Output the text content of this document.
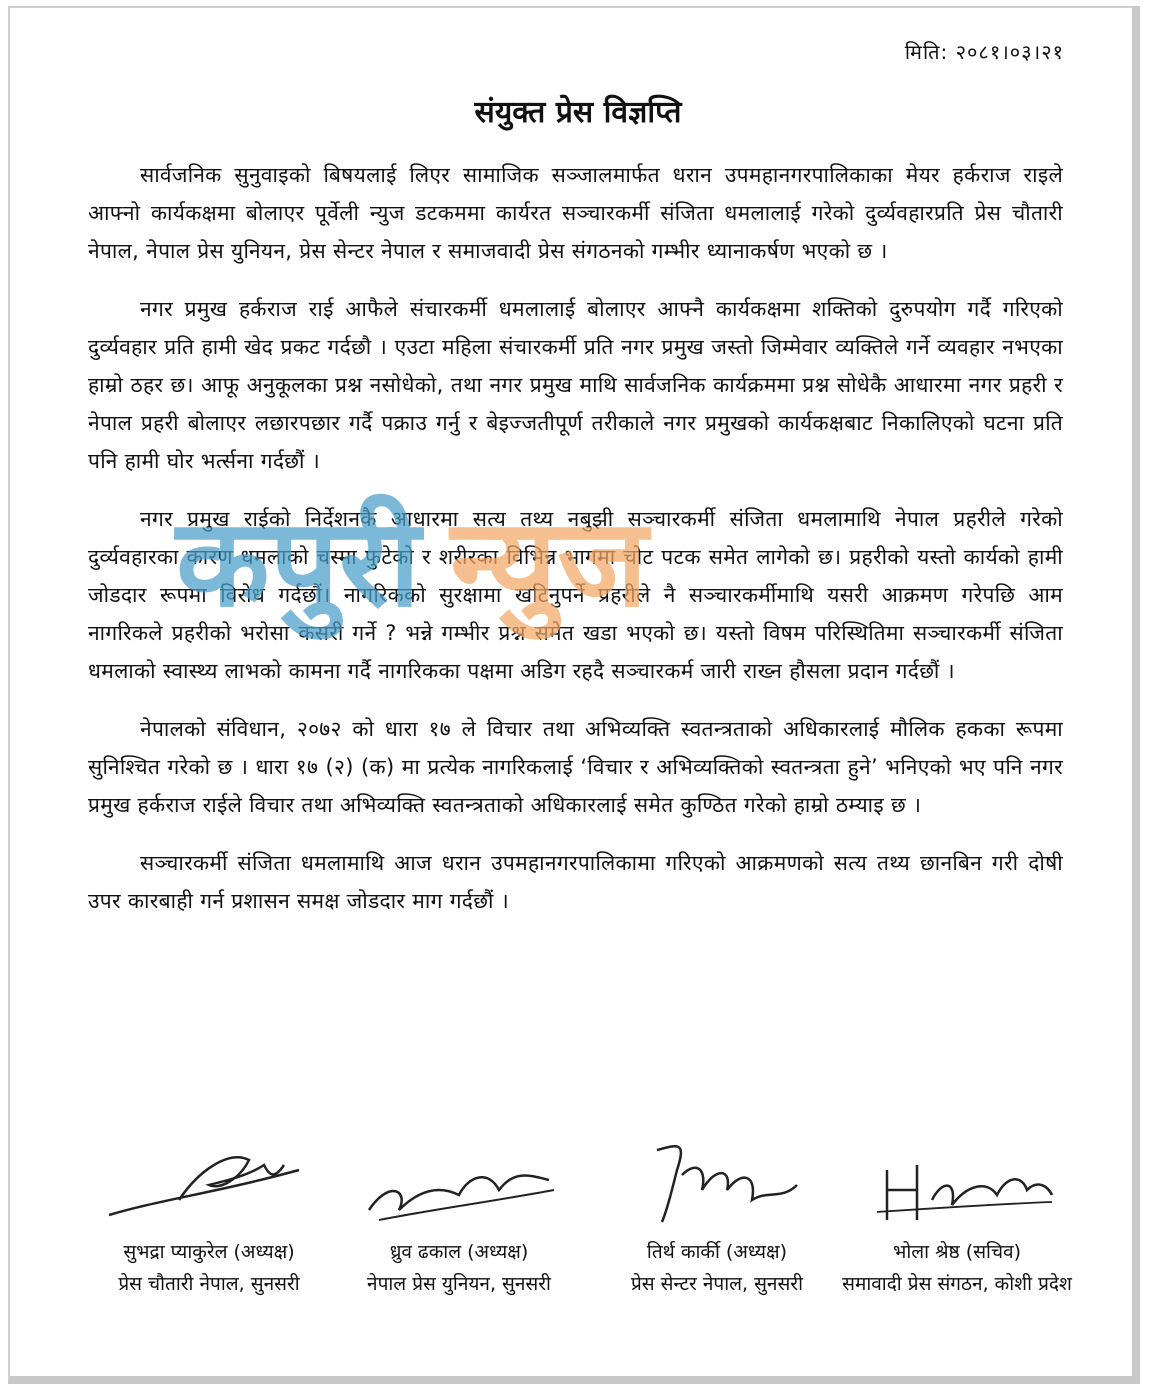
मिति: २०८१।०३।२१
संयुक्त प्रेस विज्ञप्ति

सार्वजनिक सुनुवाइको बिषयलाई लिएर सामाजिक सञ्जालमार्फत धरान उपमहानगरपालिकाका मेयर हर्कराज राइले आफ्नो कार्यकक्षमा बोलाएर पूर्वेली न्युज डटकममा कार्यरत सञ्चारकर्मी संजिता धमलालाई गरेको दुर्व्यवहारप्रति प्रेस चौतारी नेपाल, नेपाल प्रेस युनियन, प्रेस सेन्टर नेपाल र समाजवादी प्रेस संगठनको गम्भीर ध्यानाकर्षण भएको छ ।

नगर प्रमुख हर्कराज राई आफैले संचारकर्मी धमलालाई बोलाएर आफ्नै कार्यकक्षमा शक्तिको दुरुपयोग गर्दै गरिएको दुर्व्यवहार प्रति हामी खेद प्रकट गर्दछौ । एउटा महिला संचारकर्मी प्रति नगर प्रमुख जस्तो जिम्मेवार व्यक्तिले गर्ने व्यवहार नभएका हाम्रो ठहर छ। आफू अनुकूलका प्रश्न नसोधेको, तथा नगर प्रमुख माथि सार्वजनिक कार्यक्रममा प्रश्न सोधेकै आधारमा नगर प्रहरी र नेपाल प्रहरी बोलाएर लछारपछार गर्दै पक्राउ गर्नु र बेइज्जतीपूर्ण तरीकाले नगर प्रमुखको कार्यकक्षबाट निकालिएको घटना प्रति पनि हामी घोर भर्त्सना गर्दछौं ।

नगर प्रमुख राईको निर्देशनकै आधारमा सत्य तथ्य नबुझी सञ्चारकर्मी संजिता धमलामाथि नेपाल प्रहरीले गरेको दुर्व्यवहारका कारण धमलाको चस्मा फुटेको र शरीरका विभिन्न भागमा चोट पटक समेत लागेको छ। प्रहरीको यस्तो कार्यको हामी जोडदार रूपमा विरोध गर्दछौं। नागरिकको सुरक्षामा खटिनुपर्ने प्रहरीले नै सञ्चारकर्मीमाथि यसरी आक्रमण गरेपछि आम नागरिकले प्रहरीको भरोसा कसरी गर्ने ? भन्ने गम्भीर प्रश्न समेत खडा भएको छ। यस्तो विषम परिस्थितिमा सञ्चारकर्मी संजिता धमलाको स्वास्थ्य लाभको कामना गर्दै नागरिकका पक्षमा अडिग रहदै सञ्चारकर्म जारी राख्न हौसला प्रदान गर्दछौं ।

नेपालको संविधान, २०७२ को धारा १७ ले विचार तथा अभिव्यक्ति स्वतन्त्रताको अधिकारलाई मौलिक हकका रूपमा सुनिश्चित गरेको छ । धारा १७ (२) (क) मा प्रत्येक नागरिकलाई ‘विचार र अभिव्यक्तिको स्वतन्त्रता हुने’ भनिएको भए पनि नगर प्रमुख हर्कराज राईले विचार तथा अभिव्यक्ति स्वतन्त्रताको अधिकारलाई समेत कुण्ठित गरेको हाम्रो ठम्याइ छ ।

सञ्चारकर्मी संजिता धमलामाथि आज धरान उपमहानगरपालिकामा गरिएको आक्रमणको सत्य तथ्य छानबिन गरी दोषी उपर कारबाही गर्न प्रशासन समक्ष जोडदार माग गर्दछौं ।

कपुरी न्युज
सुभद्रा प्याकुरेल (अध्यक्ष)
प्रेस चौतारी नेपाल, सुनसरी
ध्रुव ढकाल (अध्यक्ष)
नेपाल प्रेस युनियन, सुनसरी
तिर्थ कार्की (अध्यक्ष)
प्रेस सेन्टर नेपाल, सुनसरी
भोला श्रेष्ठ (सचिव)
समावादी प्रेस संगठन, कोशी प्रदेश
